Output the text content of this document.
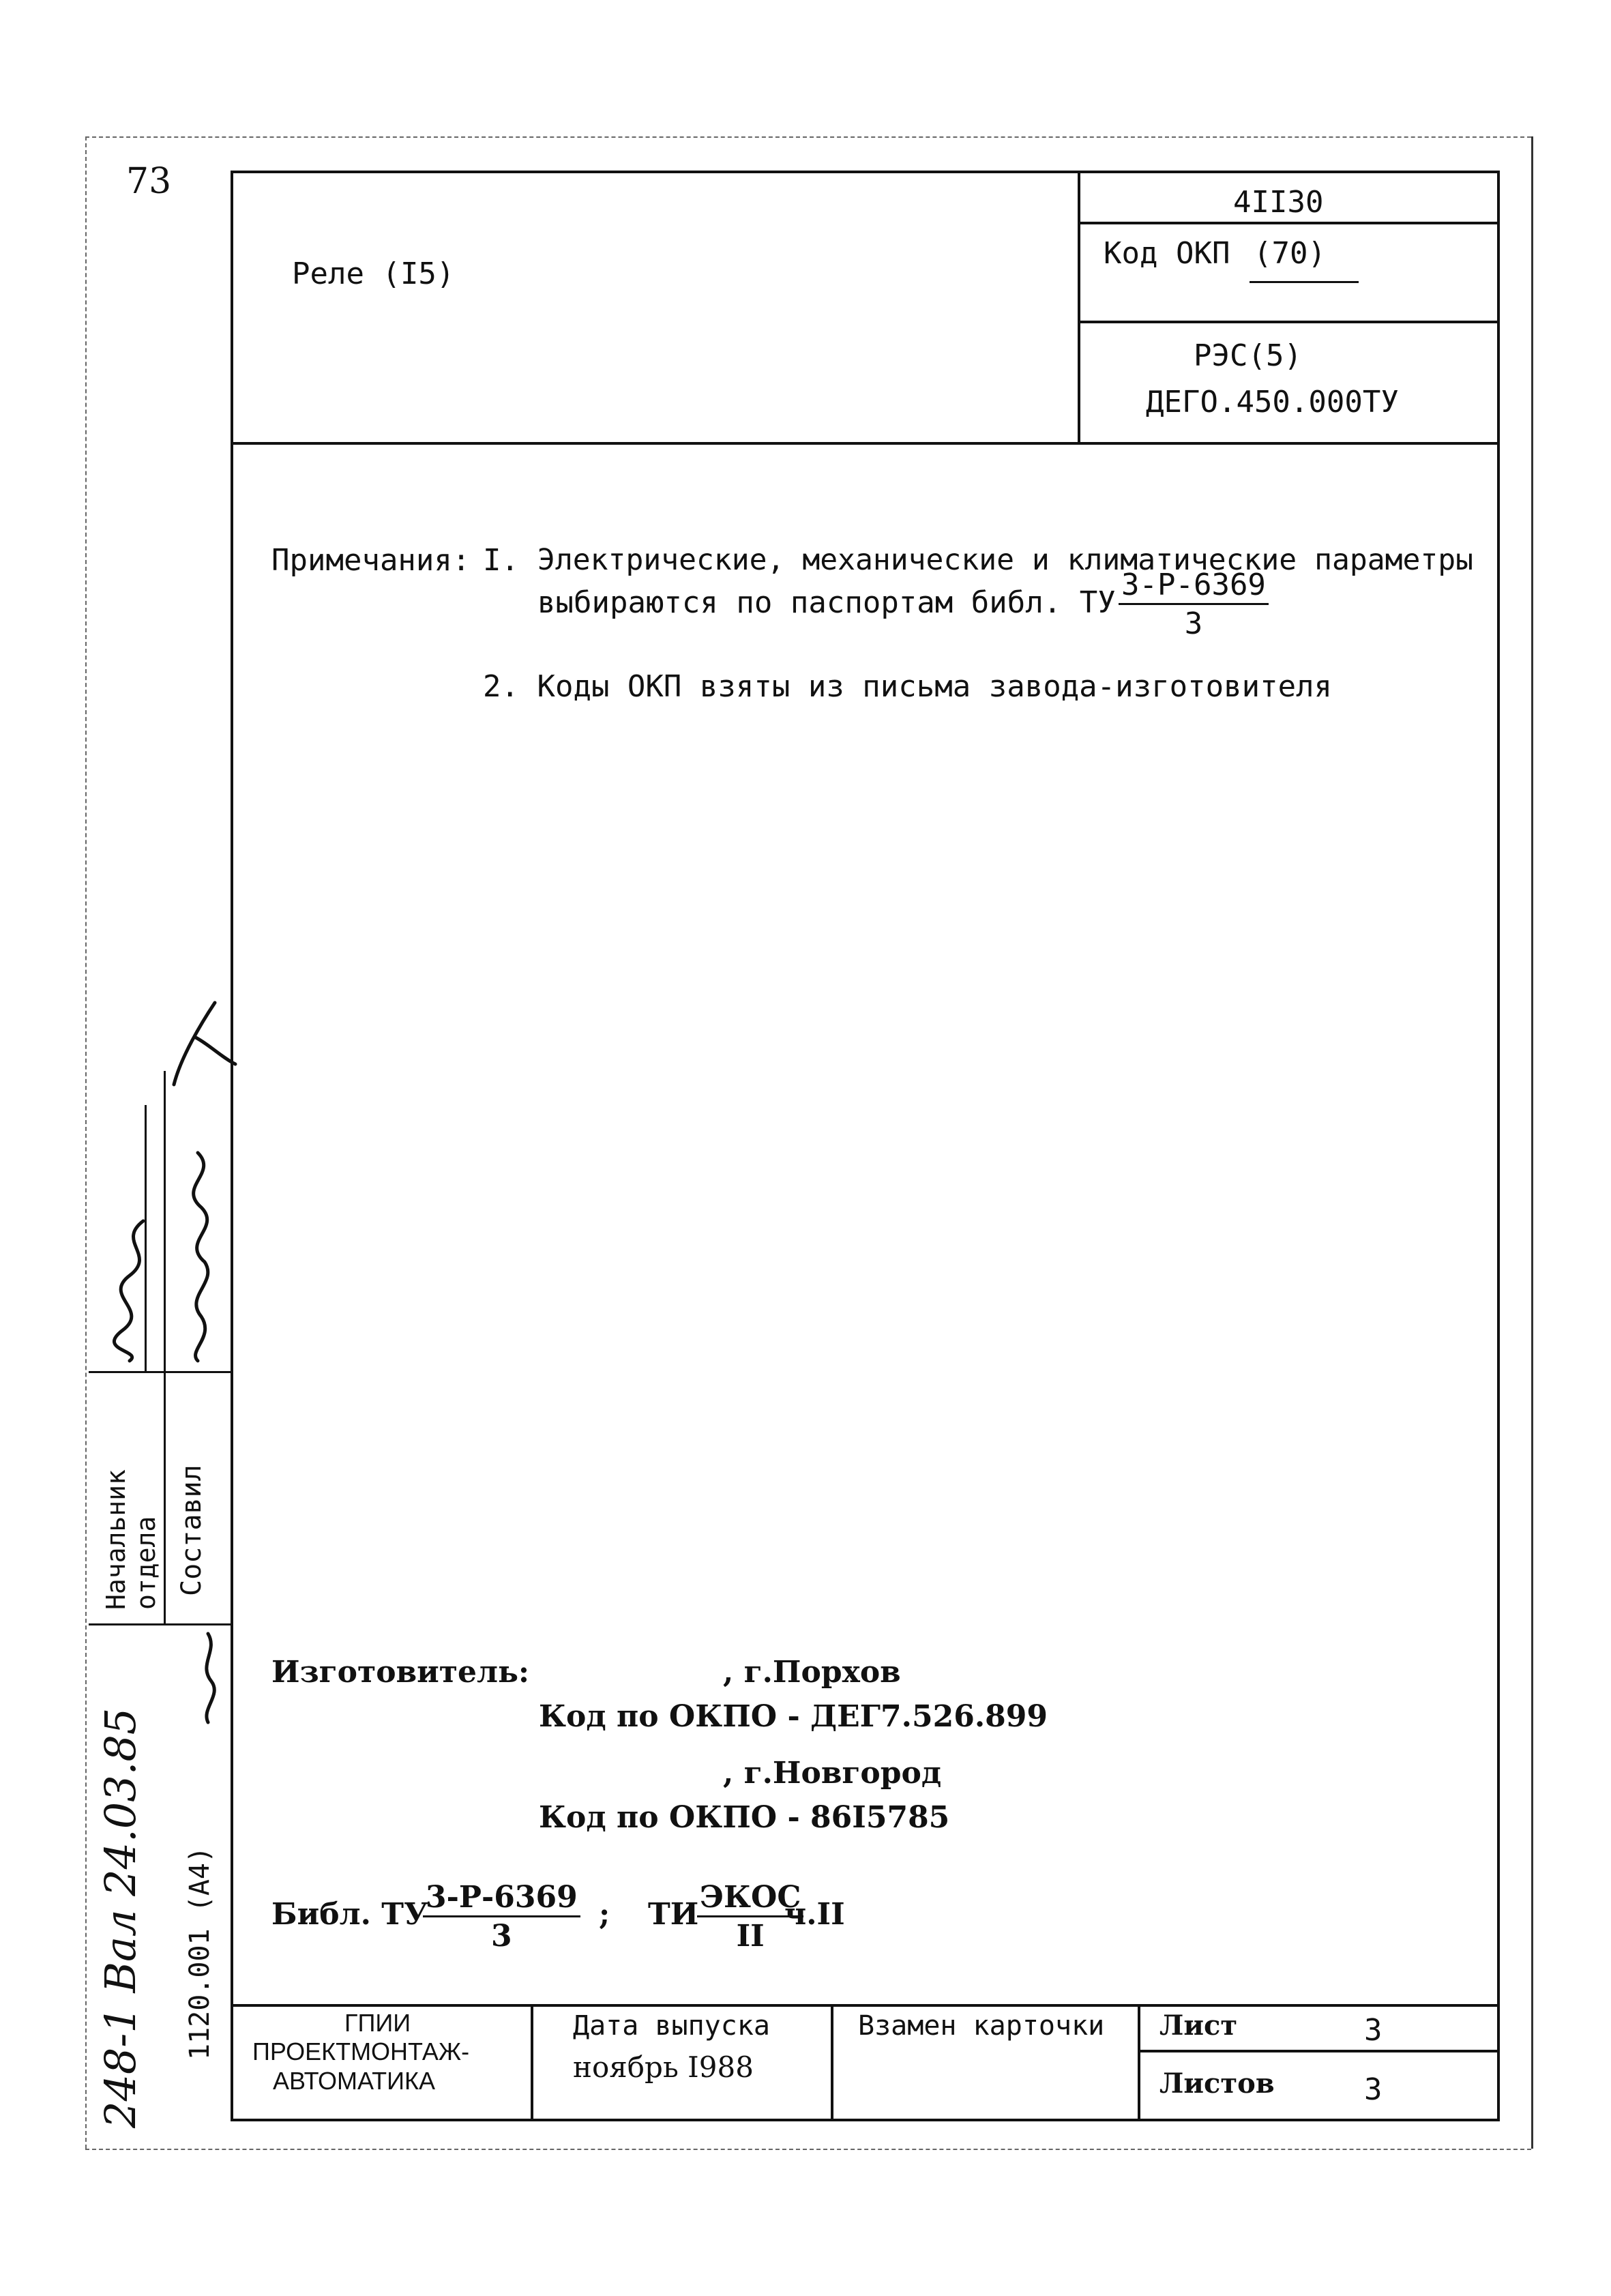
73
Реле (I5)
4II30
Код ОКП (70)
РЭС(5)
ДЕГО.450.000ТУ
Примечания: I. Электрические, механические и климатические параметры
выбираются по паспортам библ. ТУ
3-Р-6369
3
2. Коды ОКП взяты из письма завода-изготовителя
Изготовитель:	, г.Порхов
Код по ОКПО - ДЕГ7.526.899
, г.Новгород
Код по ОКПО - 86I5785
Библ. ТУ
3-Р-6369
3
; ТИ ЭКОС
II
ч.II
ГПИИ
ПРОЕКТМОНТАЖ-
АВТОМАТИКА
Дата выпуска
ноябрь I988
Взамен карточки Лист	3
Листов	3
Начальник отдела Составил
1120.001 (А4)
248-1 Вал 24.03.85
